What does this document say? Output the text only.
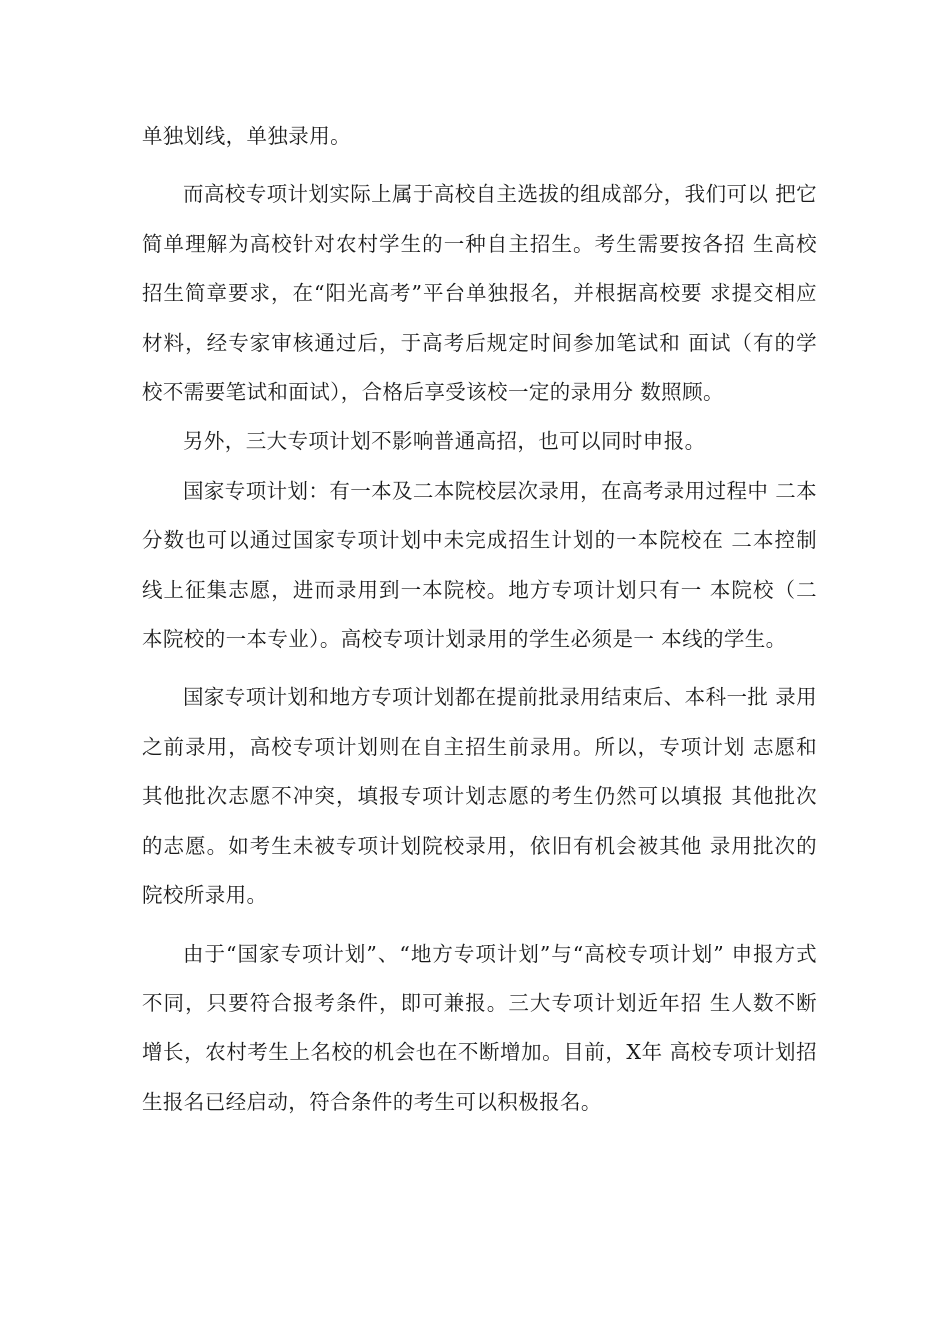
单独划线，单独录用。

而高校专项计划实际上属于高校自主选拔的组成部分，我们可以 把它简单理解为高校针对农村学生的一种自主招生。考生需要按各招 生高校招生简章要求，在“阳光高考”平台单独报名，并根据高校要 求提交相应材料，经专家审核通过后，于高考后规定时间参加笔试和 面试（有的学校不需要笔试和面试），合格后享受该校一定的录用分 数照顾。

另外，三大专项计划不影响普通高招，也可以同时申报。

国家专项计划：有一本及二本院校层次录用，在高考录用过程中 二本分数也可以通过国家专项计划中未完成招生计划的一本院校在 二本控制线上征集志愿，进而录用到一本院校。地方专项计划只有一 本院校（二本院校的一本专业）。高校专项计划录用的学生必须是一 本线的学生。

国家专项计划和地方专项计划都在提前批录用结束后、本科一批 录用之前录用，高校专项计划则在自主招生前录用。所以，专项计划 志愿和其他批次志愿不冲突，填报专项计划志愿的考生仍然可以填报 其他批次的志愿。如考生未被专项计划院校录用，依旧有机会被其他 录用批次的院校所录用。

由于“国家专项计划”、“地方专项计划”与“高校专项计划” 申报方式不同，只要符合报考条件，即可兼报。三大专项计划近年招 生人数不断增长，农村考生上名校的机会也在不断增加。目前，X年 高校专项计划招生报名已经启动，符合条件的考生可以积极报名。
